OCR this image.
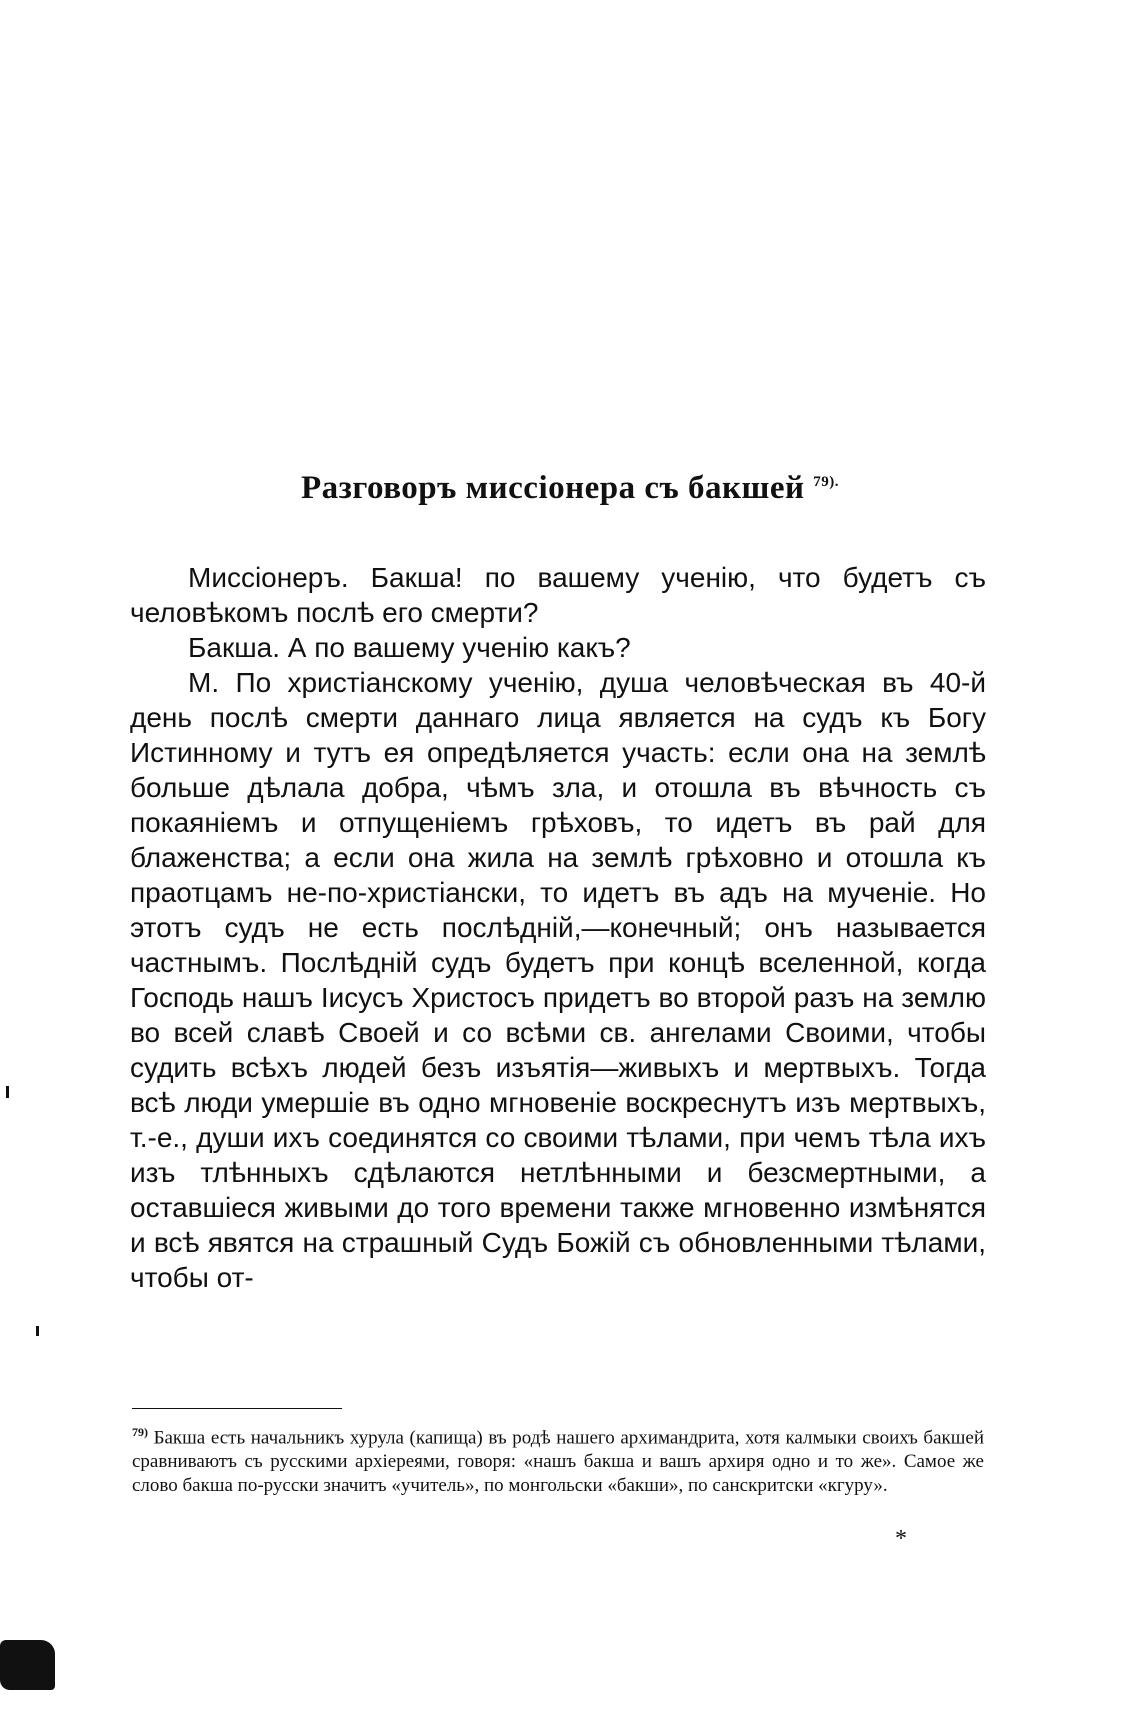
Разговоръ миссіонера съ бакшей $^{79).}$

Миссіонеръ. Бакша! по вашему ученію, что будетъ съ человѣкомъ послѣ его смерти?

Бакша. А по вашему ученію какъ?

М. По христіанскому ученію, душа человѣческая въ 40-й день послѣ смерти даннаго лица является на судъ къ Богу Истинному и тутъ ея опредѣляется участь: если она на землѣ больше дѣлала добра, чѣмъ зла, и отошла въ вѣчность съ покаяніемъ и отпущеніемъ грѣховъ, то идетъ въ рай для блаженства; а если она жила на землѣ грѣховно и отошла къ праотцамъ не-по-христіански, то идетъ въ адъ на мученіе. Но этотъ судъ не есть послѣдній,—конечный; онъ называется частнымъ. Послѣдній судъ будетъ при концѣ вселенной, когда Господь нашъ Іисусъ Христосъ придетъ во второй разъ на землю во всей славѣ Своей и со всѣми св. ангелами Своими, чтобы судить всѣхъ людей безъ изъятія—живыхъ и мертвыхъ. Тогда всѣ люди умершіе въ одно мгновеніе воскреснутъ изъ мертвыхъ, т.-е., души ихъ соединятся со своими тѣлами, при чемъ тѣла ихъ изъ тлѣнныхъ сдѣлаются нетлѣнными и безсмертными, а оставшіеся живыми до того времени также мгновенно измѣнятся и всѣ явятся на страшный Судъ Божій съ обновленными тѣлами, чтобы от-

$^{79)}$ Бакша есть начальникъ хурула (капища) въ родѣ нашего архимандрита, хотя калмыки своихъ бакшей сравниваютъ съ русскими архіереями, говоря: «нашъ бакша и вашъ архиря одно и то же». Самое же слово бакша по-русски значитъ «учитель», по монгольски «бакши», по санскритски «кгуру».
*
